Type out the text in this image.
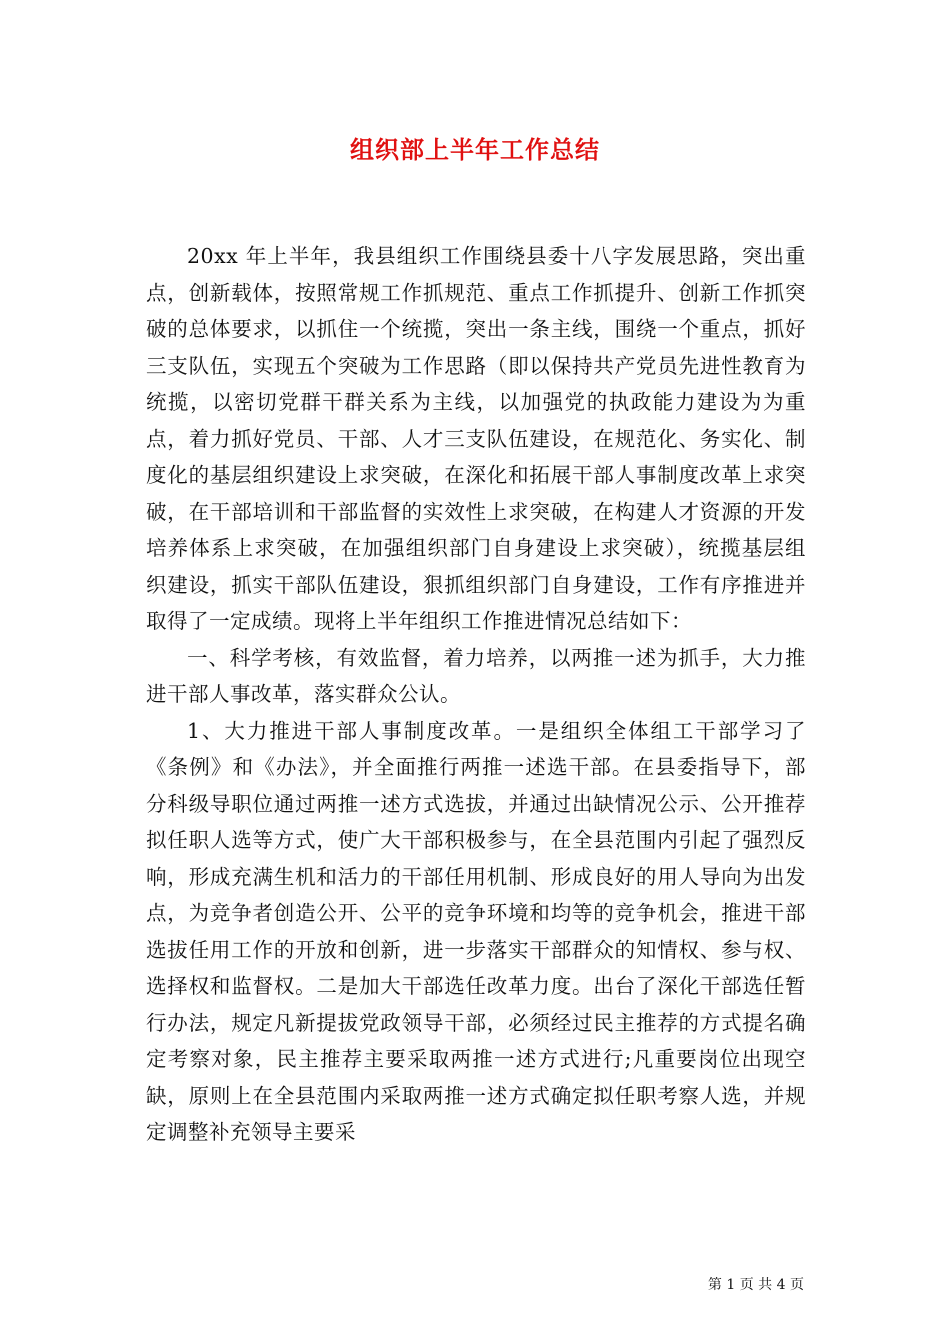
组织部上半年工作总结

20xx 年上半年，我县组织工作围绕县委十八字发展思路，突出重点，创新载体，按照常规工作抓规范、重点工作抓提升、创新工作抓突破的总体要求，以抓住一个统揽，突出一条主线，围绕一个重点，抓好三支队伍，实现五个突破为工作思路（即以保持共产党员先进性教育为统揽，以密切党群干群关系为主线，以加强党的执政能力建设为为重点，着力抓好党员、干部、人才三支队伍建设，在规范化、务实化、制度化的基层组织建设上求突破，在深化和拓展干部人事制度改革上求突破，在干部培训和干部监督的实效性上求突破，在构建人才资源的开发培养体系上求突破，在加强组织部门自身建设上求突破），统揽基层组织建设，抓实干部队伍建设，狠抓组织部门自身建设，工作有序推进并取得了一定成绩。现将上半年组织工作推进情况总结如下：

一、科学考核，有效监督，着力培养，以两推一述为抓手，大力推进干部人事改革，落实群众公认。

1、大力推进干部人事制度改革。一是组织全体组工干部学习了《条例》和《办法》，并全面推行两推一述选干部。在县委指导下，部分科级导职位通过两推一述方式选拔，并通过出缺情况公示、公开推荐拟任职人选等方式，使广大干部积极参与，在全县范围内引起了强烈反响，形成充满生机和活力的干部任用机制、形成良好的用人导向为出发点，为竞争者创造公开、公平的竞争环境和均等的竞争机会，推进干部选拔任用工作的开放和创新，进一步落实干部群众的知情权、参与权、选择权和监督权。二是加大干部选任改革力度。出台了深化干部选任暂行办法，规定凡新提拔党政领导干部，必须经过民主推荐的方式提名确定考察对象，民主推荐主要采取两推一述方式进行;凡重要岗位出现空缺，原则上在全县范围内采取两推一述方式确定拟任职考察人选，并规定调整补充领导主要采

第 1 页 共 4 页
